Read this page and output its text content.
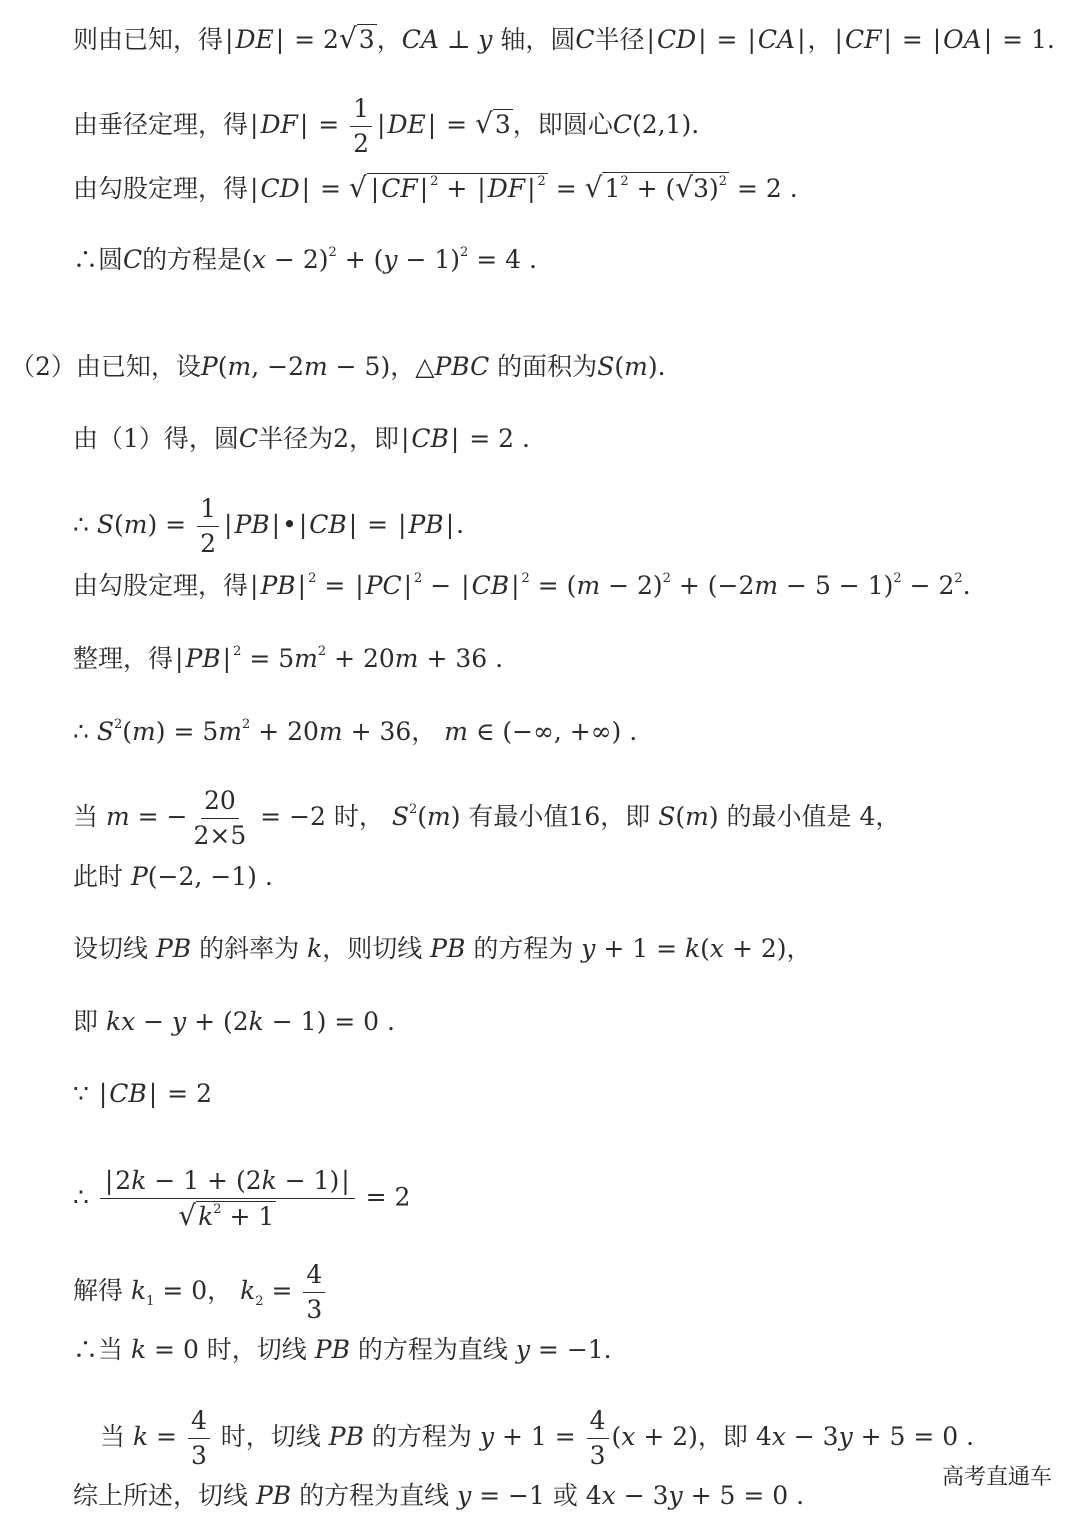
则由已知，得|DE| = 2√3，CA ⊥ y 轴，圆C半径|CD| = |CA|，|CF| = |OA| = 1.
由垂径定理，得$|DF| = \frac{1}{2} |DE| = √3$，即圆心C(2,1).
由勾股定理，得|CD| = √ |CF| $^2$ + |DF| $^2 = √1^2 + (√3)^2 = 2$ .
∴圆C的方程是$(x - 2)^2 + (y - 1)^2 = 4$ .
（2）由已知，设P(m, −2m − 5)，△PBC 的面积为S(m).
由（1）得，圆C半径为2，即|CB| = 2 .
∴ $S(m) = \frac{1}{2}$ |PB|•|CB| = |PB|.
由勾股定理，得|PB| $^2$ = |PC| $^2$ − |CB| $^2 = (m - 2)^2 + (-2m - 5 - 1)^2 - 2^2$.
整理，得|PB| $^2 = 5m^2 + 20m + 36$ .
∴ $S^2(m) = 5m^2 + 20m + 36$， m ∈ (−∞, +∞) .
当 m = − $\frac{20}{2\times 5} = -2$ 时， $S^2(m)$ 有最小值16，即 S(m) 的最小值是 4，
此时 P(−2, −1) .
设切线 PB 的斜率为 k，则切线 PB 的方程为 y + 1 = k(x + 2)，
即 kx − y + (2k − 1) = 0 .
∵ |CB| = 2
∴ $\frac{|2k - 1 + (2k - 1)|}{√k^2 + 1} = 2$
解得 $k_1 = 0$， $k_2 = \frac{4}{3}$
∴当 k = 0 时，切线 PB 的方程为直线 y = −1.
当 $k = \frac{4}{3}$ 时，切线 PB 的方程为 $y + 1 = \frac{4}{3} (x + 2)$，即 4x − 3y + 5 = 0 .
综上所述，切线 PB 的方程为直线 y = −1 或 4x − 3y + 5 = 0 .
高考直通车
